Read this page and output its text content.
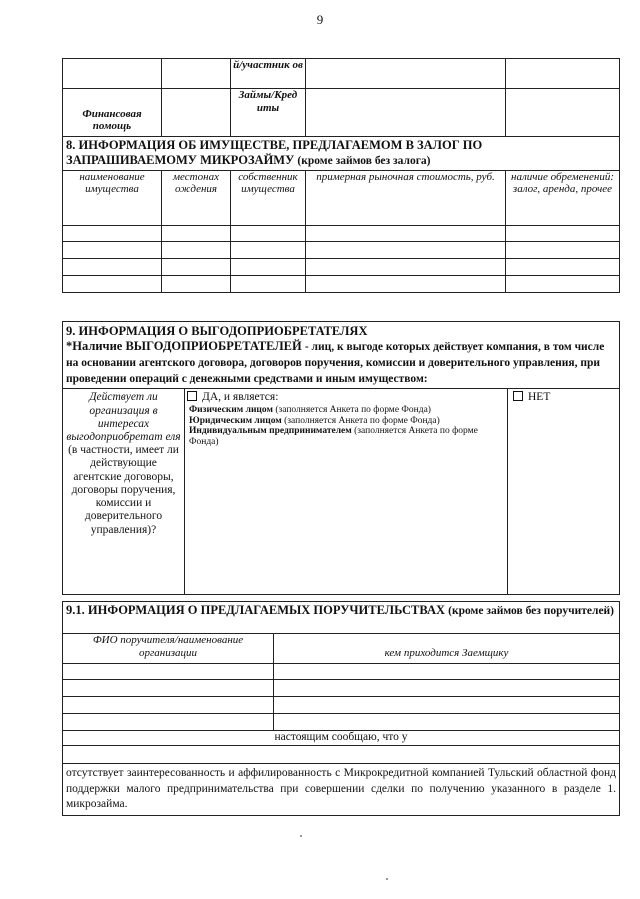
9
		й/участник ов		
Финансовая помощь		Займы/Кред иты		
8. ИНФОРМАЦИЯ ОБ ИМУЩЕСТВЕ, ПРЕДЛАГАЕМОМ В ЗАЛОГ ПО ЗАПРАШИВАЕМОМУ МИКРОЗАЙМУ (кроме займов без залога)				
наименование имущества	местонах ождения	собственник имущества	примерная рыночная стоимость, руб.	наличие обременений: залог, аренда, прочее

9. ИНФОРМАЦИЯ О ВЫГОДОПРИОБРЕТАТЕЛЯХ
*Наличие ВЫГОДОПРИОБРЕТАТЕЛЕЙ - лиц, к выгоде которых действует компания, в том числе на основании агентского договора, договоров поручения, комиссии и доверительного управления, при проведении операций с денежными средствами и иным имуществом:

Действует ли организация в интересах выгодоприобретат еля
(в частности, имеет ли действующие агентские договоры, договоры поручения, комиссии и доверительного управления)?

ДА, и является:
Физическим лицом (заполняется Анкета по форме Фонда)
Юридическим лицом (заполняется Анкета по форме Фонда)
Индивидуальным предпринимателем (заполняется Анкета по форме Фонда)
	НЕТ
9.1. ИНФОРМАЦИЯ О ПРЕДЛАГАЕМЫХ ПОРУЧИТЕЛЬСТВАХ (кроме займов без поручителей)	
ФИО поручителя/наименование организации	кем приходится Заемщику

настоящим сообщаю, что у	

отсутствует заинтересованность и аффилированность с Микрокредитной компанией Тульский областной фонд поддержки малого предпринимательства при совершении сделки по получению указанного в разделе 1. микрозайма.	
